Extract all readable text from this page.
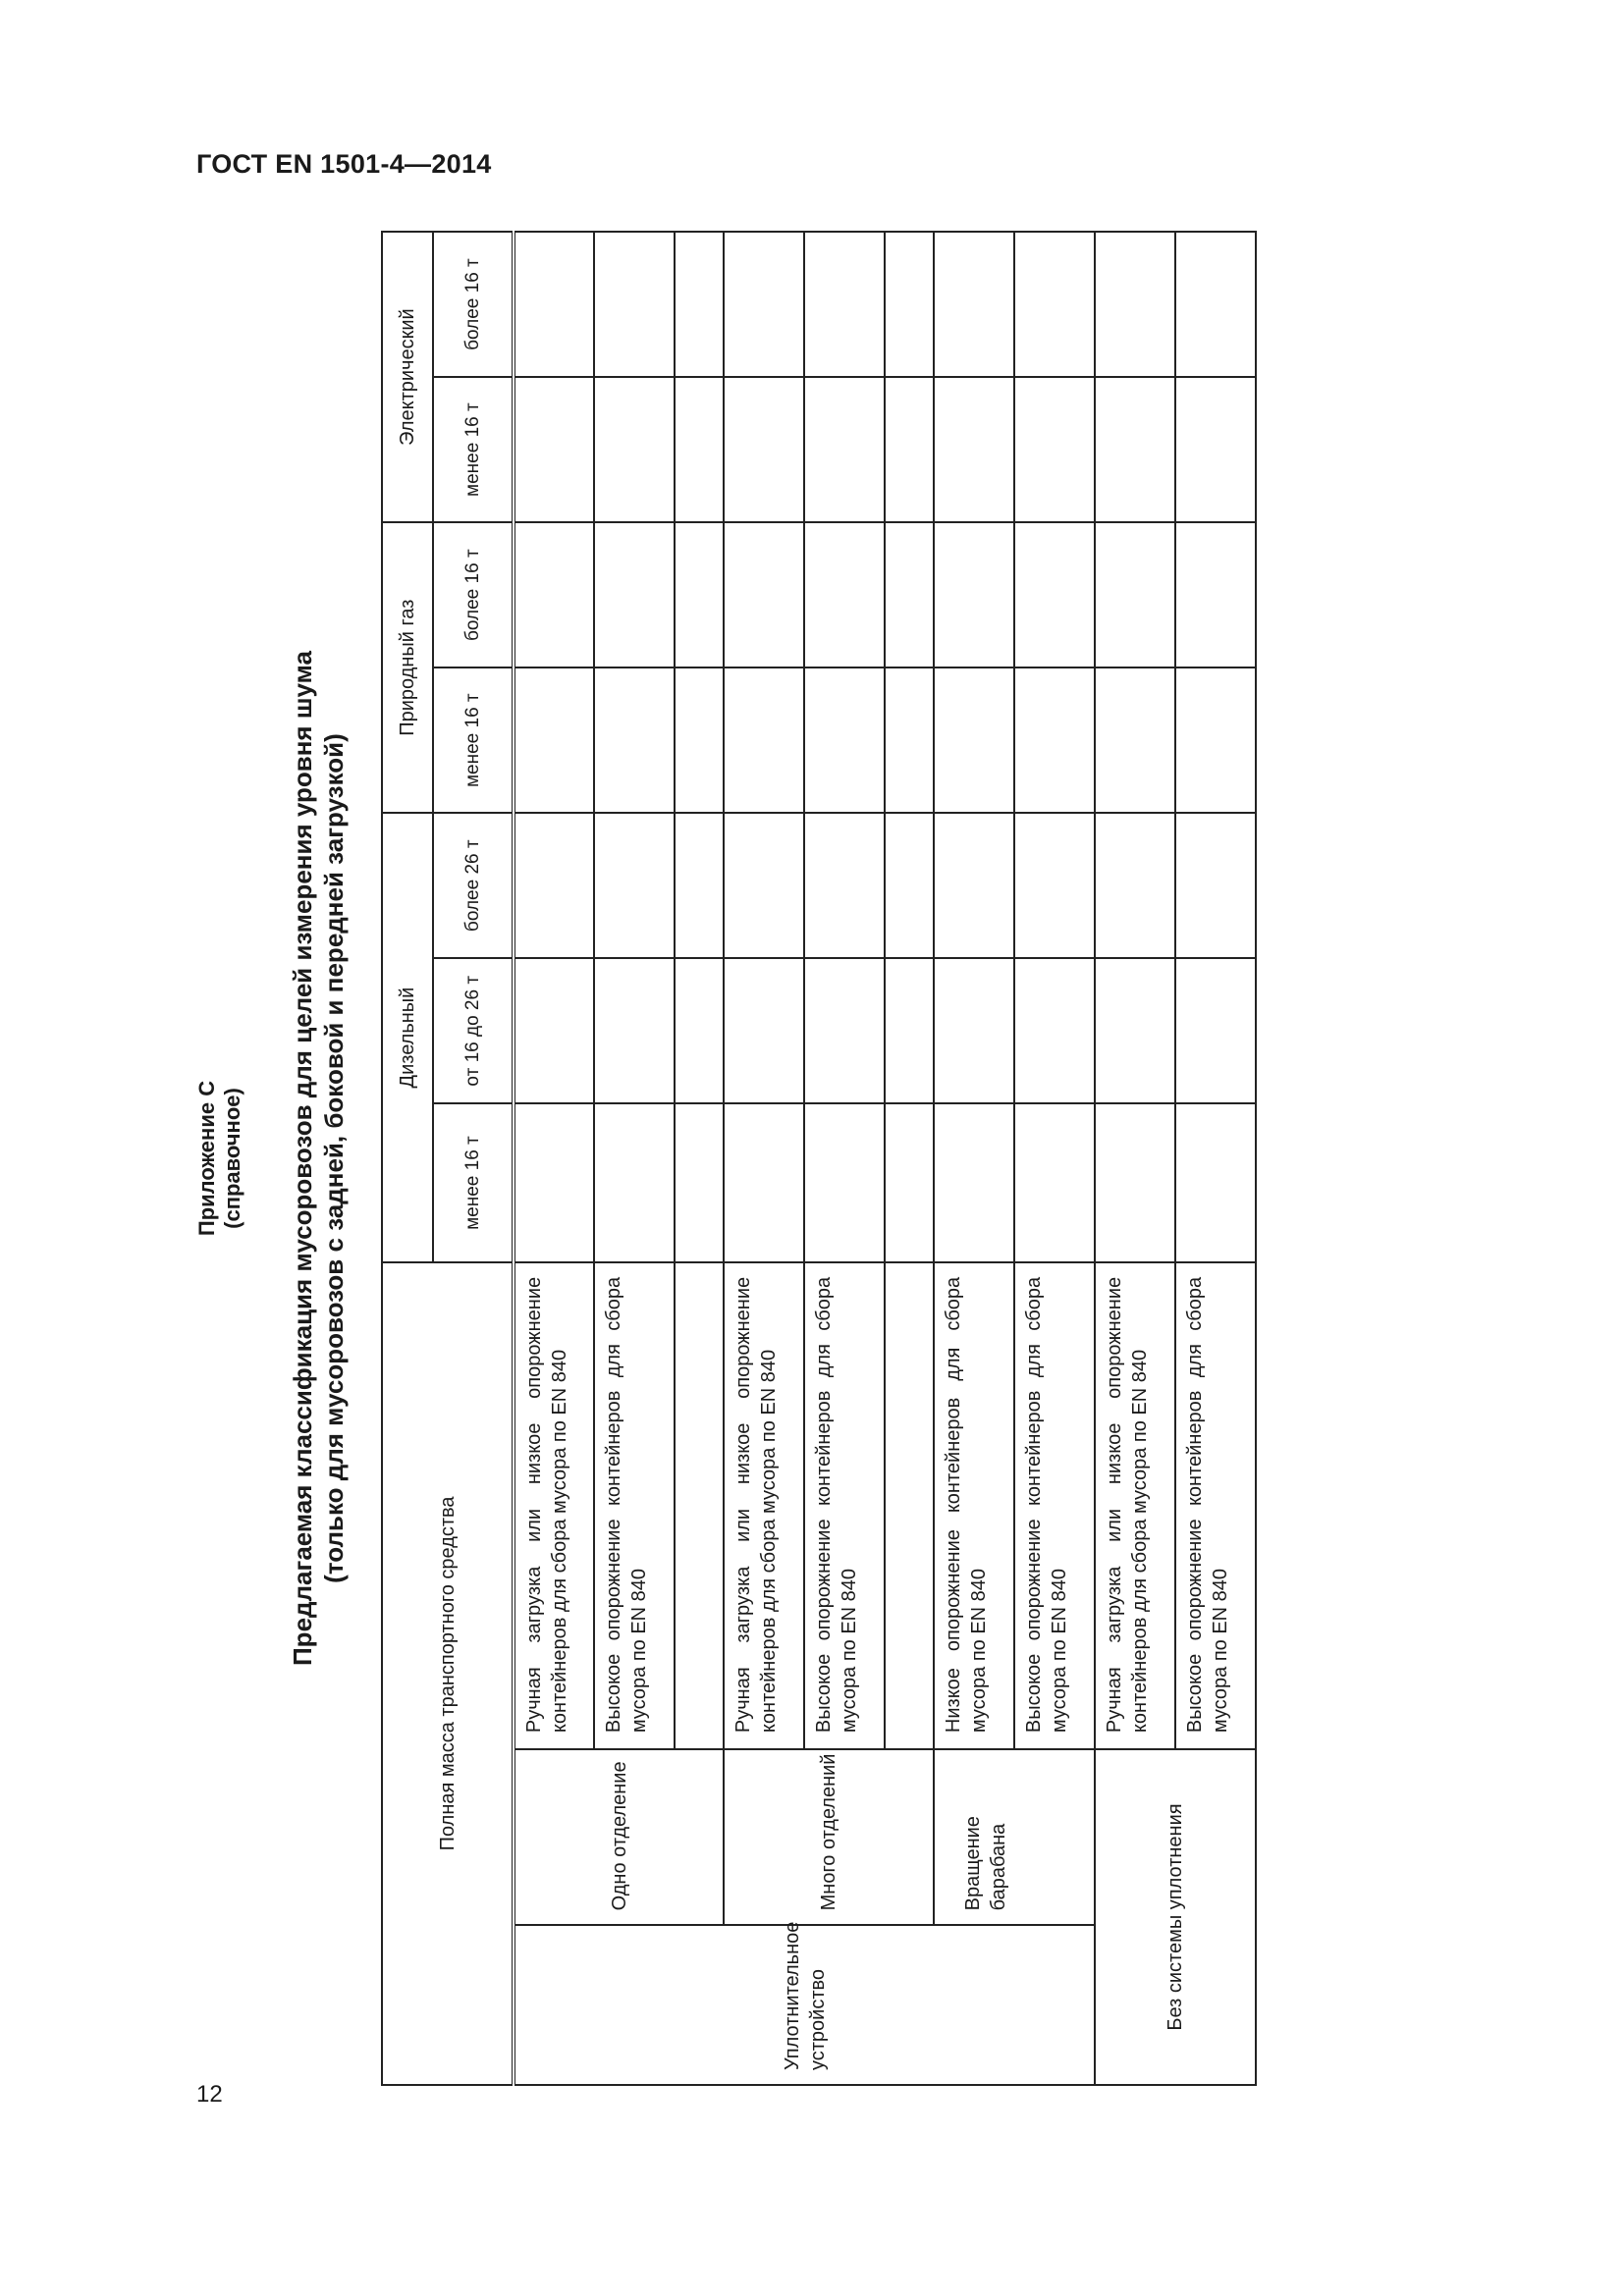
ГОСТ EN 1501-4—2014
12
Приложение С (справочное) Предлагаемая классификация мусоровозов для целей измерения уровня шума (только для мусоровозов с задней, боковой и передней загрузкой)
Полная масса транспортного средства			Дизельный			Природный газ		Электрический	
			менее 16 т	от 16 до 26 т	более 26 т	менее 16 т	более 16 т	менее 16 т	более 16 т
Уплотнительное устройство	Одно отделение	Ручная загрузка или низкое опорожнение контейнеров для сбора мусора по EN 840							
		Высокое опорожнение контейнеров для сбора мусора по EN 840							

	Много отделений	Ручная загрузка или низкое опорожнение контейнеров для сбора мусора по EN 840							
		Высокое опорожнение контейнеров для сбора мусора по EN 840							

	Вращение барабана	Низкое опорожнение контейнеров для сбора мусора по EN 840							
		Высокое опорожнение контейнеров для сбора мусора по EN 840							
Без системы уплотнения		Ручная загрузка или низкое опорожнение контейнеров для сбора мусора по EN 840							
		Высокое опорожнение контейнеров для сбора мусора по EN 840							
